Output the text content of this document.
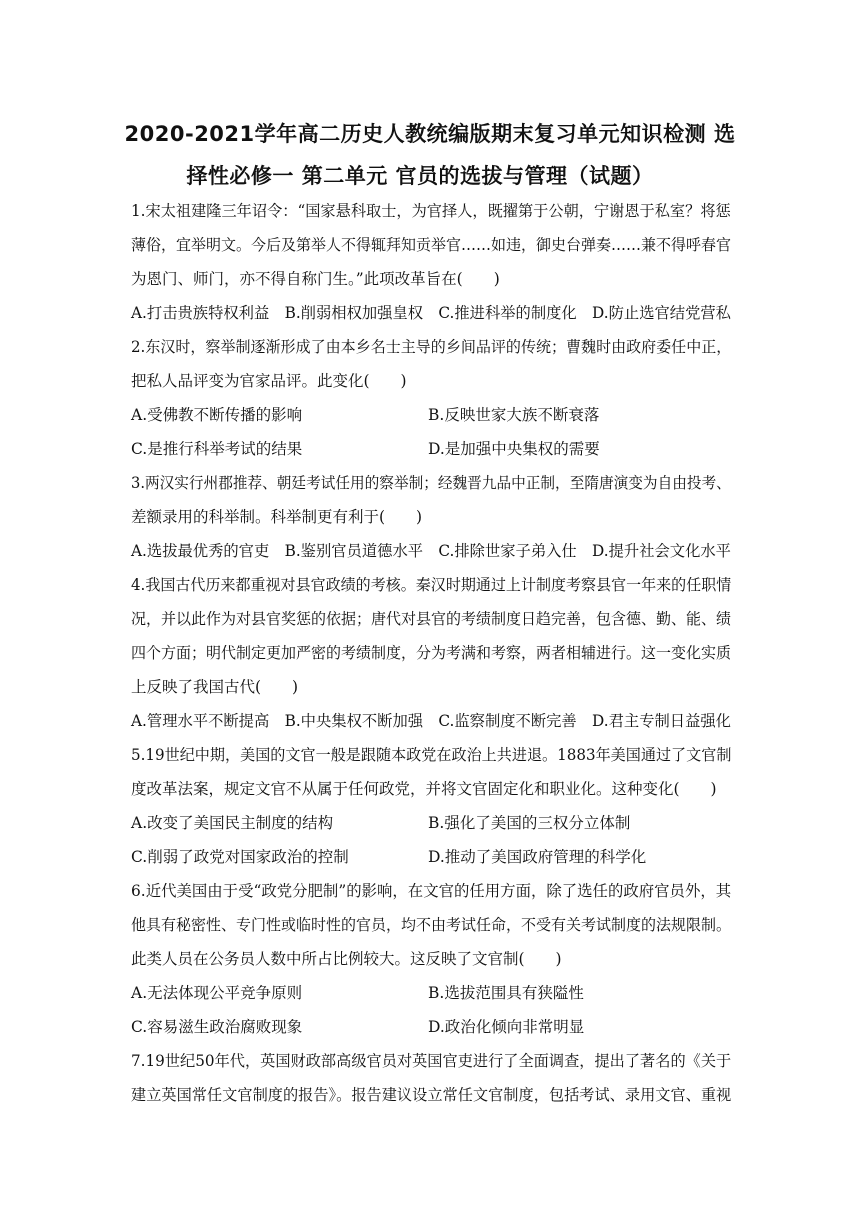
2020-2021学年高二历史人教统编版期末复习单元知识检测 选
择性必修一 第二单元 官员的选拔与管理（试题）
1.宋太祖建隆三年诏令：“国家悬科取士，为官择人，既擢第于公朝，宁谢恩于私室？将惩
薄俗，宜举明文。今后及第举人不得辄拜知贡举官……如违，御史台弹奏……兼不得呼春官
为恩门、师门，亦不得自称门生。”此项改革旨在(　　)
A.打击贵族特权利益　B.削弱相权加强皇权　C.推进科举的制度化　D.防止选官结党营私
2.东汉时，察举制逐渐形成了由本乡名士主导的乡间品评的传统；曹魏时由政府委任中正，
把私人品评变为官家品评。此变化(　　)
A.受佛教不断传播的影响	B.反映世家大族不断衰落
C.是推行科举考试的结果	D.是加强中央集权的需要
3.两汉实行州郡推荐、朝廷考试任用的察举制；经魏晋九品中正制，至隋唐演变为自由投考、
差额录用的科举制。科举制更有利于(　　)
A.选拔最优秀的官吏　B.鉴别官员道德水平　C.排除世家子弟入仕　D.提升社会文化水平
4.我国古代历来都重视对县官政绩的考核。秦汉时期通过上计制度考察县官一年来的任职情
况，并以此作为对县官奖惩的依据；唐代对县官的考绩制度日趋完善，包含德、勤、能、绩
四个方面；明代制定更加严密的考绩制度，分为考满和考察，两者相辅进行。这一变化实质
上反映了我国古代(　　)
A.管理水平不断提高　B.中央集权不断加强　C.监察制度不断完善　D.君主专制日益强化
5.19世纪中期，美国的文官一般是跟随本政党在政治上共进退。1883年美国通过了文官制
度改革法案，规定文官不从属于任何政党，并将文官固定化和职业化。这种变化(　　)
A.改变了美国民主制度的结构	B.强化了美国的三权分立体制
C.削弱了政党对国家政治的控制	D.推动了美国政府管理的科学化
6.近代美国由于受“政党分肥制”的影响，在文官的任用方面，除了选任的政府官员外，其
他具有秘密性、专门性或临时性的官员，均不由考试任命，不受有关考试制度的法规限制。
此类人员在公务员人数中所占比例较大。这反映了文官制(　　)
A.无法体现公平竞争原则	B.选拔范围具有狭隘性
C.容易滋生政治腐败现象	D.政治化倾向非常明显
7.19世纪50年代，英国财政部高级官员对英国官吏进行了全面调查，提出了著名的《关于
建立英国常任文官制度的报告》。报告建议设立常任文官制度，包括考试、录用文官、重视
